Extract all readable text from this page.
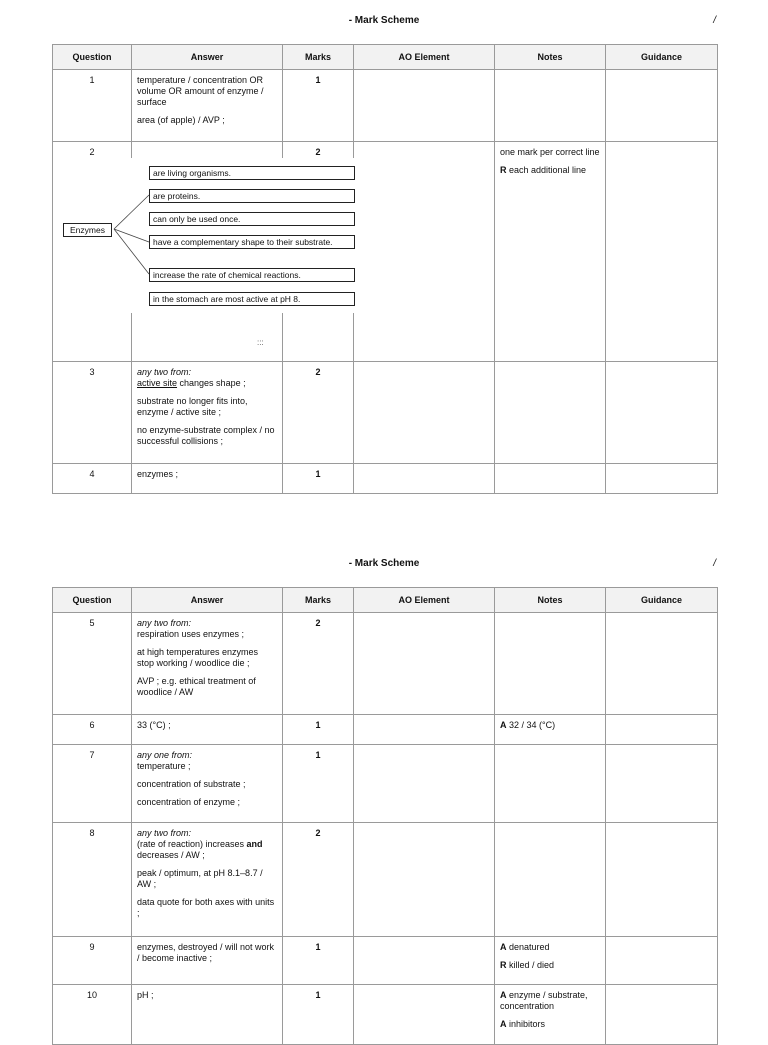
- Mark Scheme	/
Question	Answer	Marks	AO Element	Notes	Guidance
1	temperature / concentration OR volume OR amount of enzyme / surface

area (of apple) / AVP ;	1			
2		2		one mark per correct line

R each additional line	

3	any two from:

active site changes shape ;

substrate no longer fits into, enzyme / active site ;

no enzyme-substrate complex / no successful collisions ;	2			
4	enzymes ;	1			
Enzymes
are living organisms.
are proteins.
can only be used once.
have a complementary shape to their substrate.
increase the rate of chemical reactions.
in the stomach are most active at pH 8.
:::
- Mark Scheme	/
Question	Answer	Marks	AO Element	Notes	Guidance
5	any two from:

respiration uses enzymes ;

at high temperatures enzymes stop working / woodlice die ;

AVP ; e.g. ethical treatment of woodlice / AW	2			
6	33 (°C) ;	1		A 32 / 34 (°C)	

7	any one from:

temperature ;

concentration of substrate ;

concentration of enzyme ;	1			
8	any two from:

(rate of reaction) increases and decreases / AW ;

peak / optimum, at pH 8.1–8.7 / AW ;

data quote for both axes with units ;	2			
9	enzymes, destroyed / will not work / become inactive ;	1		A denatured

R killed / died	

10	pH ;	1		A enzyme / substrate, concentration

A inhibitors	
